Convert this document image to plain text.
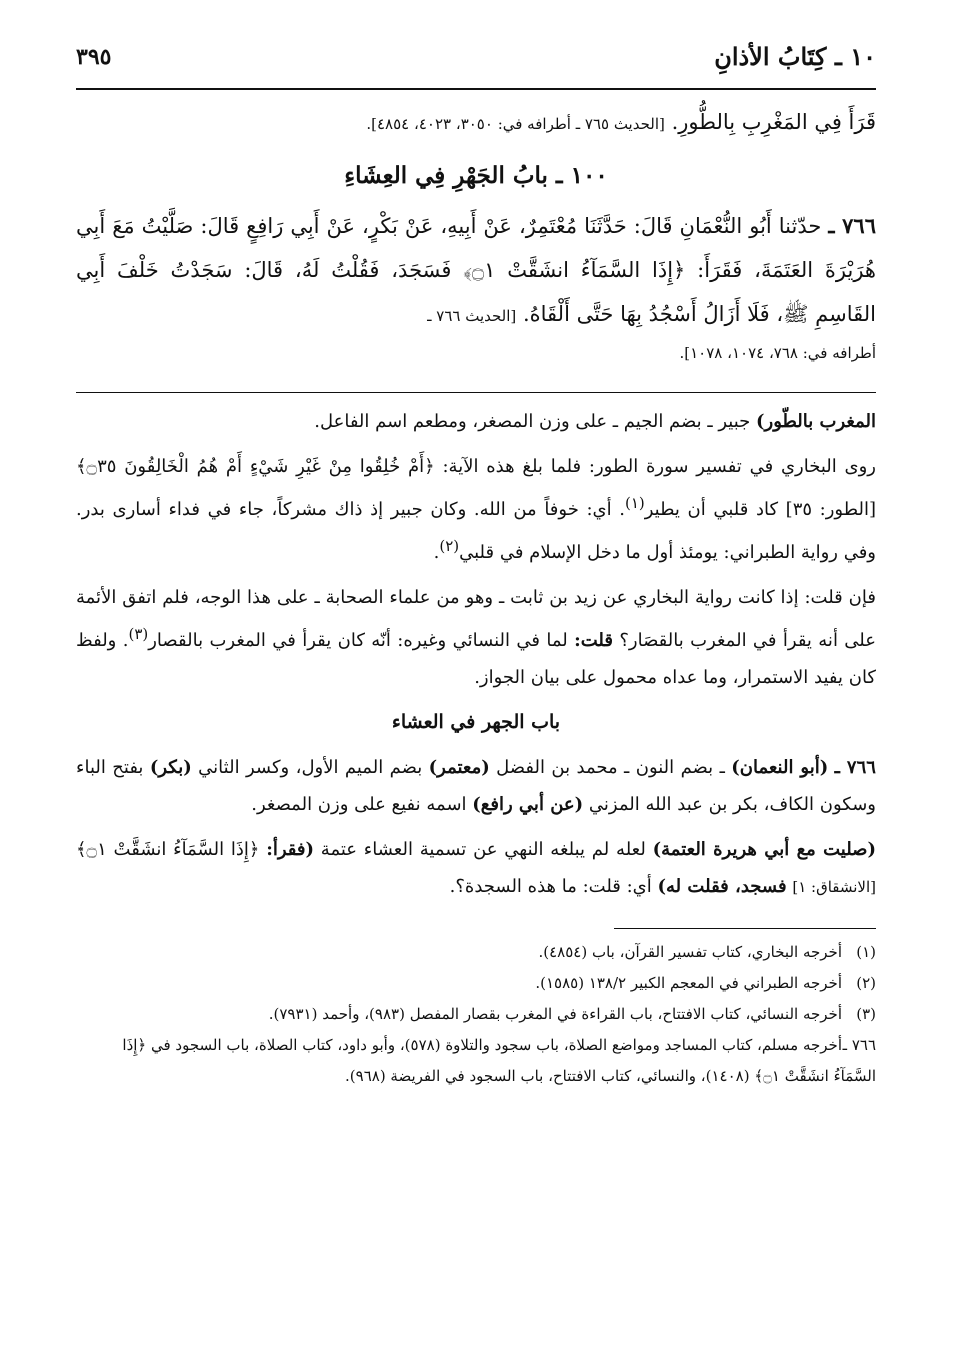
١٠ ـ كِتَابُ الأذانِ
٣٩٥

قَرَأَ فِي المَغْرِبِ بِالطُّورِ. [الحديث ٧٦٥ ـ أطرافه في: ٣٠٥٠، ٤٠٢٣، ٤٨٥٤].

١٠٠ ـ بابُ الجَهْرِ فِي العِشَاءِ

٧٦٦ ـ حدّثنا أَبُو النُّعْمَانِ قَالَ: حَدَّثَنَا مُعْتَمِرٌ، عَنْ أَبِيهِ، عَنْ بَكْرٍ، عَنْ أَبِي رَافِعٍ قَالَ: صَلَّيْتُ مَعَ أَبِي هُرَيْرَةَ العَتَمَةَ، فَقَرَأَ: ﴿إِذَا السَّمَآءُ انشَقَّتْ ۝١﴾ فَسَجَدَ، فَقُلْتُ لَهُ، قَالَ: سَجَدْتُ خَلْفَ أَبِي القَاسِمِ ﷺ، فَلَا أَزَالُ أَسْجُدُ بِهَا حَتَّى أَلْقَاهُ. [الحديث ٧٦٦ ـ

أطرافه في: ٧٦٨، ١٠٧٤، ١٠٧٨].

المغرب بالطّور) جبير ـ بضم الجيم ـ على وزن المصغر، ومطعم اسم الفاعل.

روى البخاري في تفسير سورة الطور: فلما بلغ هذه الآية: ﴿أَمْ خُلِقُوا مِنْ غَيْرِ شَيْءٍ أَمْ هُمُ الْخَالِقُونَ ۝٣٥﴾ [الطور: ٣٥] كاد قلبي أن يطير$^{(١)}$. أي: خوفاً من الله. وكان جبير إذ ذاك مشركاً، جاء في فداء أسارى بدر. وفي رواية الطبراني: يومئذ أول ما دخل الإسلام في قلبي$^{(٢)}$.

فإن قلت: إذا كانت رواية البخاري عن زيد بن ثابت ـ وهو من علماء الصحابة ـ على هذا الوجه، فلم اتفق الأئمة على أنه يقرأ في المغرب بالقصَار؟ قلت: لما في النسائي وغيره: أنّه كان يقرأ في المغرب بالقصار$^{(٣)}$. ولفظ كان يفيد الاستمرار، وما عداه محمول على بيان الجواز.

باب الجهر في العشاء

٧٦٦ ـ (أبو النعمان) ـ بضم النون ـ محمد بن الفضل (معتمر) بضم الميم الأول، وكسر الثاني (بكر) بفتح الباء وسكون الكاف، بكر بن عبد الله المزني (عن أبي رافع) اسمه نفيع على وزن المصغر.

(صليت مع أبي هريرة العتمة) لعله لم يبلغه النهي عن تسمية العشاء عتمة (فقرأ: ﴿إِذَا السَّمَآءُ انشَقَّتْ ۝١﴾ [الانشقاق: ١] فسجد، فقلت له) أي: قلت: ما هذه السجدة؟.

(١)أخرجه البخاري، كتاب تفسير القرآن، باب (٤٨٥٤).

(٢)أخرجه الطبراني في المعجم الكبير ١٣٨/٢ (١٥٨٥).

(٣)أخرجه النسائي، كتاب الافتتاح، باب القراءة في المغرب بقصار المفصل (٩٨٣)، وأحمد (٧٩٣١).

٧٦٦ ـأخرجه مسلم، كتاب المساجد ومواضع الصلاة، باب سجود والتلاوة (٥٧٨)، وأبو داود، كتاب الصلاة، باب السجود في ﴿إِذَا السَّمَآءُ انشَقَّتْ ۝١﴾ (١٤٠٨)، والنسائي، كتاب الافتتاح، باب السجود في الفريضة (٩٦٨).
